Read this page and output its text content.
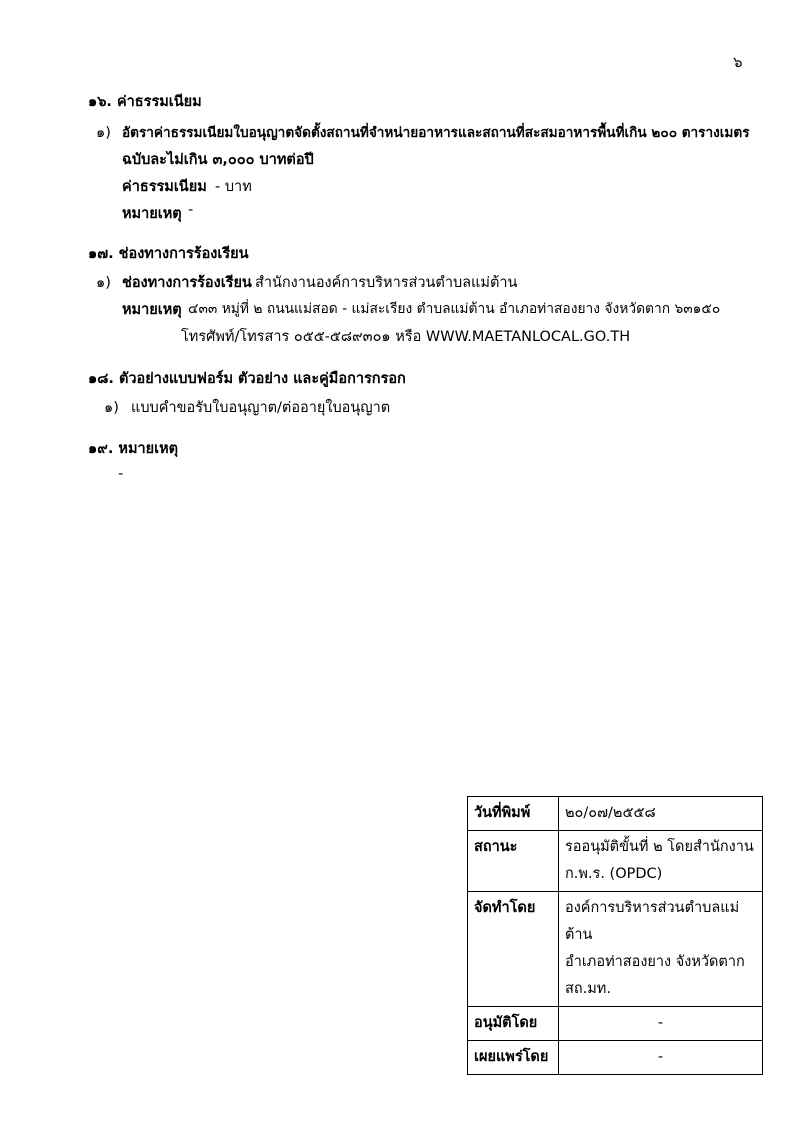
๖
๑๖. ค่าธรรมเนียม
๑) อัตราค่าธรรมเนียมใบอนุญาตจัดตั้งสถานที่จำหน่ายอาหารและสถานที่สะสมอาหารพื้นที่เกิน ๒๐๐ ตารางเมตร
ฉบับละไม่เกิน ๓,๐๐๐ บาทต่อปี
ค่าธรรมเนียม - บาท
หมายเหตุ -
๑๗. ช่องทางการร้องเรียน
๑) ช่องทางการร้องเรียน สำนักงานองค์การบริหารส่วนตำบลแม่ต้าน
หมายเหตุ ๔๓๓ หมู่ที่ ๒ ถนนแม่สอด - แม่สะเรียง ตำบลแม่ต้าน อำเภอท่าสองยาง จังหวัดตาก ๖๓๑๕๐
โทรศัพท์/โทรสาร ๐๕๕-๕๘๙๓๐๑ หรือ WWW.MAETANLOCAL.GO.TH
๑๘. ตัวอย่างแบบฟอร์ม ตัวอย่าง และคู่มือการกรอก
๑) แบบคำขอรับใบอนุญาต/ต่ออายุใบอนุญาต
๑๙. หมายเหตุ
-
วันที่พิมพ์	๒๐/๐๗/๒๕๕๘
สถานะ	รออนุมัติขั้นที่ ๒ โดยสำนักงาน
ก.พ.ร. (OPDC)

จัดทำโดย	องค์การบริหารส่วนตำบลแม่ต้าน
อำเภอท่าสองยาง จังหวัดตาก
สถ.มท.

อนุมัติโดย	-
เผยแพร่โดย	-
